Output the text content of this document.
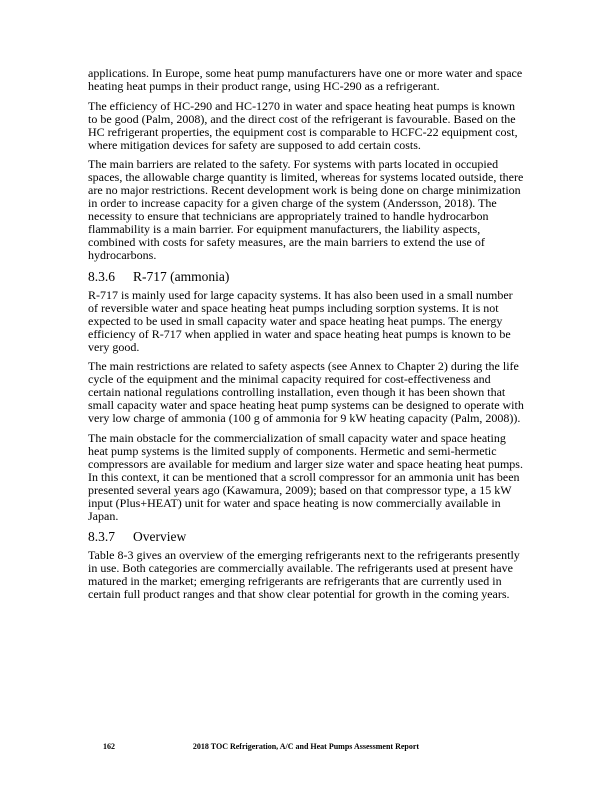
applications. In Europe, some heat pump manufacturers have one or more water and space heating heat pumps in their product range, using HC-290 as a refrigerant.

The efficiency of HC-290 and HC-1270 in water and space heating heat pumps is known to be good (Palm, 2008), and the direct cost of the refrigerant is favourable. Based on the HC refrigerant properties, the equipment cost is comparable to HCFC-22 equipment cost, where mitigation devices for safety are supposed to add certain costs.

The main barriers are related to the safety. For systems with parts located in occupied spaces, the allowable charge quantity is limited, whereas for systems located outside, there are no major restrictions. Recent development work is being done on charge minimization in order to increase capacity for a given charge of the system (Andersson, 2018). The necessity to ensure that technicians are appropriately trained to handle hydrocarbon flammability is a main barrier. For equipment manufacturers, the liability aspects, combined with costs for safety measures, are the main barriers to extend the use of hydrocarbons.

8.3.6	R-717 (ammonia)

R-717 is mainly used for large capacity systems. It has also been used in a small number of reversible water and space heating heat pumps including sorption systems. It is not expected to be used in small capacity water and space heating heat pumps. The energy efficiency of R-717 when applied in water and space heating heat pumps is known to be very good.

The main restrictions are related to safety aspects (see Annex to Chapter 2) during the life cycle of the equipment and the minimal capacity required for cost-effectiveness and certain national regulations controlling installation, even though it has been shown that small capacity water and space heating heat pump systems can be designed to operate with very low charge of ammonia (100 g of ammonia for 9 kW heating capacity (Palm, 2008)).

The main obstacle for the commercialization of small capacity water and space heating heat pump systems is the limited supply of components. Hermetic and semi-hermetic compressors are available for medium and larger size water and space heating heat pumps. In this context, it can be mentioned that a scroll compressor for an ammonia unit has been presented several years ago (Kawamura, 2009); based on that compressor type, a 15 kW input (Plus+HEAT) unit for water and space heating is now commercially available in Japan.

8.3.7	Overview

Table 8-3 gives an overview of the emerging refrigerants next to the refrigerants presently in use. Both categories are commercially available. The refrigerants used at present have matured in the market; emerging refrigerants are refrigerants that are currently used in certain full product ranges and that show clear potential for growth in the coming years.

162	2018 TOC Refrigeration, A/C and Heat Pumps Assessment Report
